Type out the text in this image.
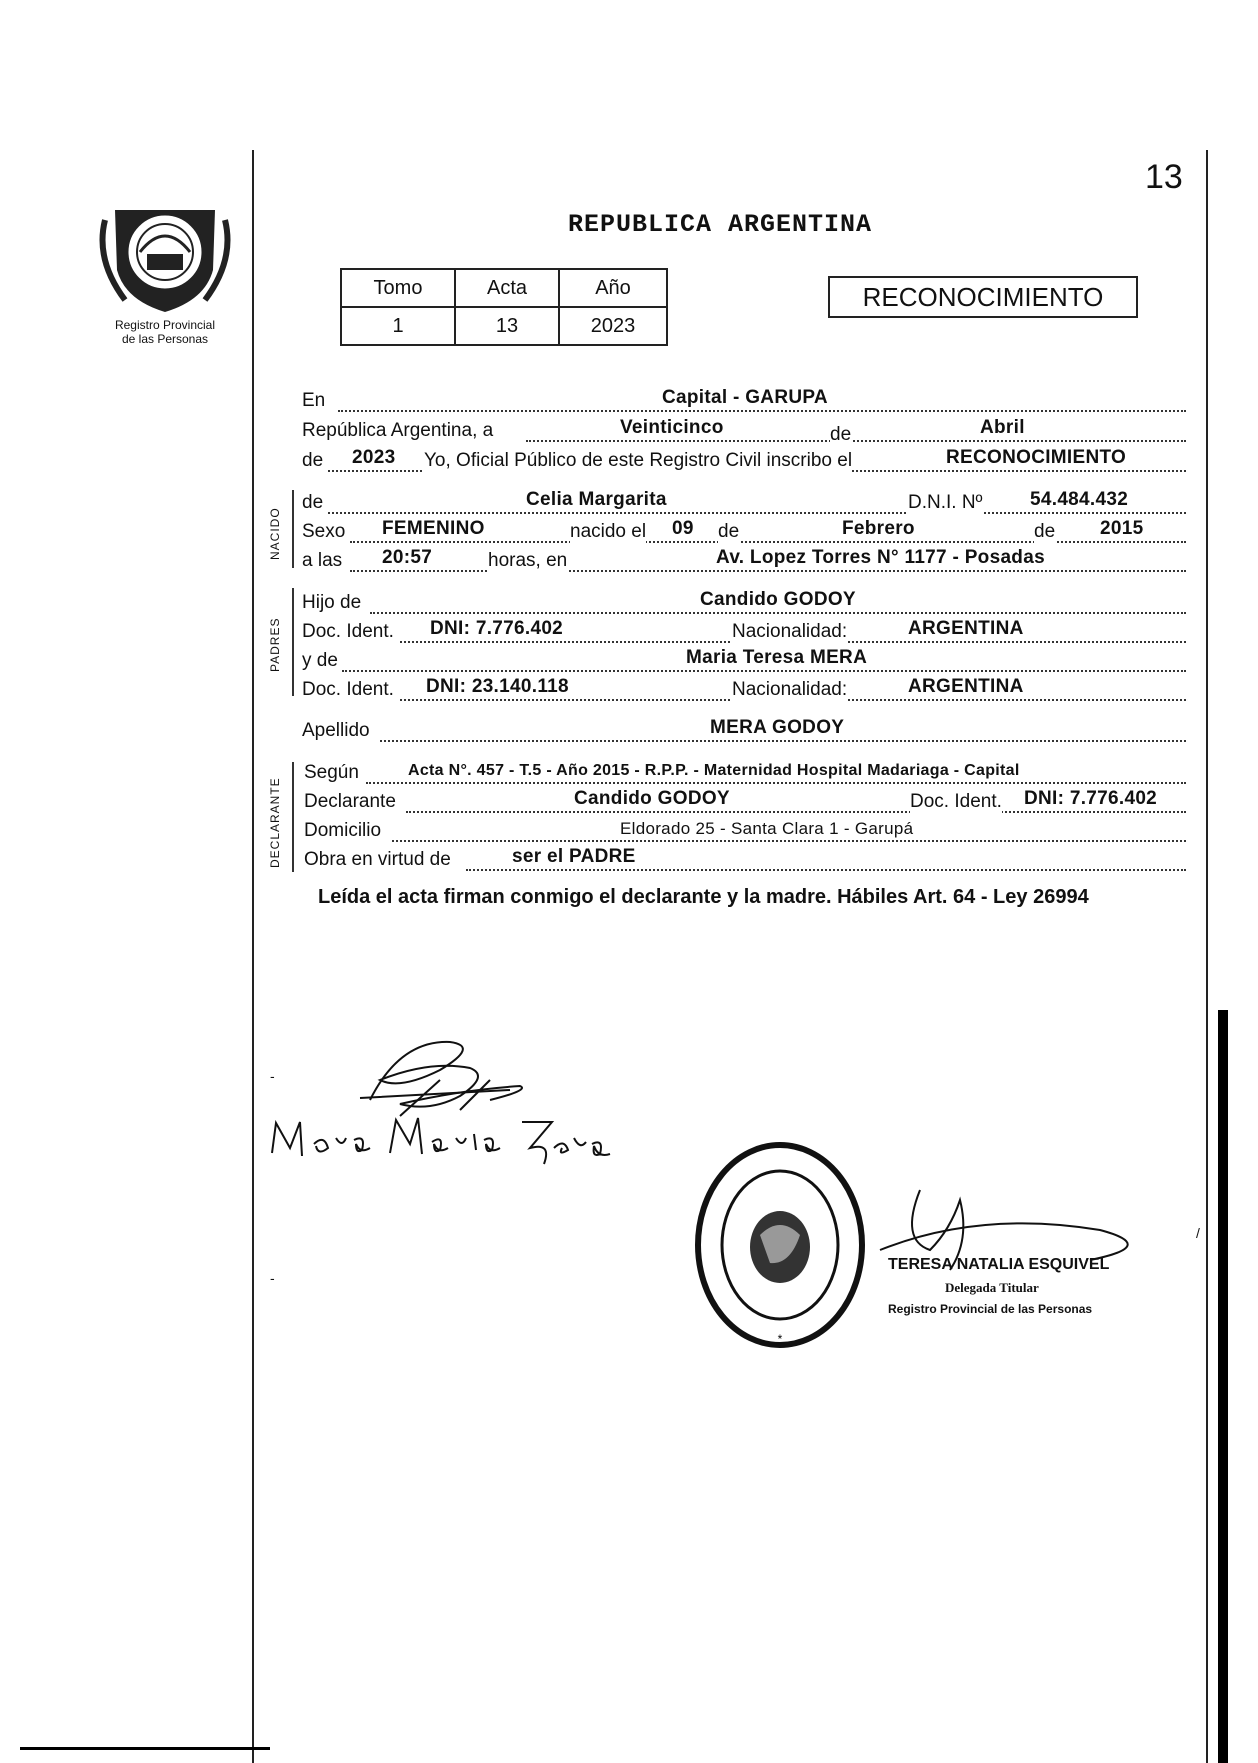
Registro Provincial
de las Personas
13
REPUBLICA ARGENTINA
Tomo	Acta	Año
1	13	2023
RECONOCIMIENTO
NACIDO
PADRES
DECLARANTE
En	Capital - GARUPA
República Argentina, a	Veinticinco	de	Abril
de 2023 Yo, Oficial Público de este Registro Civil inscribo el	RECONOCIMIENTO
de	Celia Margarita	D.N.I. Nº	54.484.432
Sexo FEMENINO	nacido el 09 de	Febrero	de 2015
a las 20:57	horas, en	Av. Lopez Torres N° 1177 - Posadas
Hijo de	Candido GODOY
Doc. Ident. DNI: 7.776.402	Nacionalidad:	ARGENTINA
y de	Maria Teresa MERA
Doc. Ident. DNI: 23.140.118	Nacionalidad:	ARGENTINA
Apellido	MERA GODOY
Según	Acta N°. 457 - T.5 - Año 2015 - R.P.P. - Maternidad Hospital Madariaga - Capital
Declarante	Candido GODOY	Doc. Ident. DNI: 7.776.402
Domicilio	Eldorado 25 - Santa Clara 1 - Garupá
Obra en virtud de	ser el PADRE
Leída el acta firman conmigo el declarante y la madre. Hábiles Art. 64 - Ley 26994
*
TERESA NATALIA ESQUIVEL
Delegada Titular
Registro Provincial de las Personas
-
-
/
